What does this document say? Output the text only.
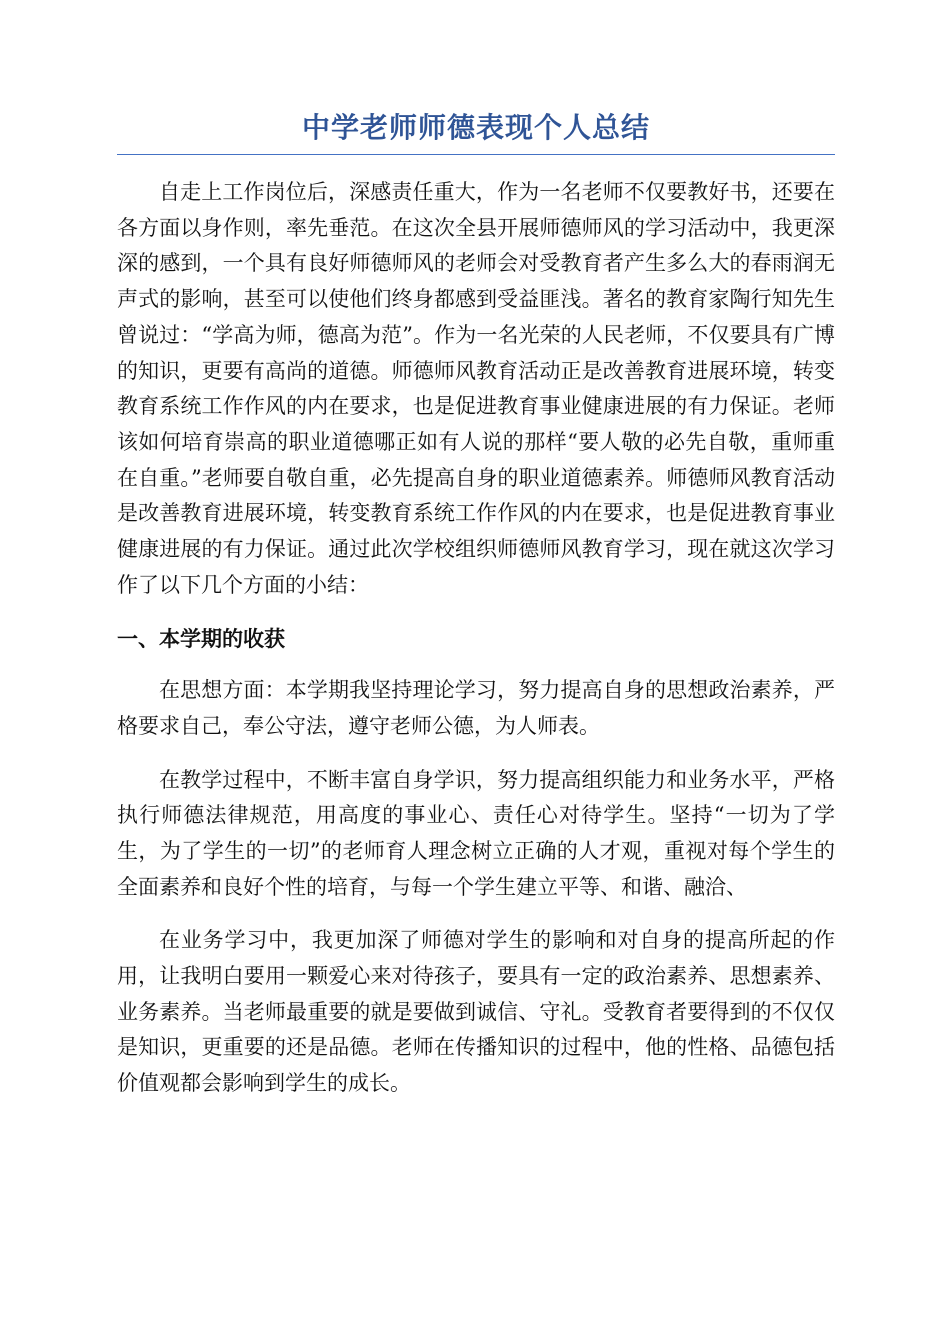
中学老师师德表现个人总结

自走上工作岗位后，深感责任重大，作为一名老师不仅要教好书，还要在各方面以身作则，率先垂范。在这次全县开展师德师风的学习活动中，我更深深的感到，一个具有良好师德师风的老师会对受教育者产生多么大的春雨润无声式的影响，甚至可以使他们终身都感到受益匪浅。著名的教育家陶行知先生曾说过：“学高为师，德高为范”。作为一名光荣的人民老师，不仅要具有广博的知识，更要有高尚的道德。师德师风教育活动正是改善教育进展环境，转变教育系统工作作风的内在要求，也是促进教育事业健康进展的有力保证。老师该如何培育崇高的职业道德哪正如有人说的那样“要人敬的必先自敬，重师重在自重。”老师要自敬自重，必先提高自身的职业道德素养。师德师风教育活动是改善教育进展环境，转变教育系统工作作风的内在要求，也是促进教育事业健康进展的有力保证。通过此次学校组织师德师风教育学习，现在就这次学习作了以下几个方面的小结：

一、本学期的收获

在思想方面：本学期我坚持理论学习，努力提高自身的思想政治素养，严格要求自己，奉公守法，遵守老师公德，为人师表。

在教学过程中，不断丰富自身学识，努力提高组织能力和业务水平，严格执行师德法律规范，用高度的事业心、责任心对待学生。坚持“一切为了学生，为了学生的一切”的老师育人理念树立正确的人才观，重视对每个学生的全面素养和良好个性的培育，与每一个学生建立平等、和谐、融洽、

在业务学习中，我更加深了师德对学生的影响和对自身的提高所起的作用，让我明白要用一颗爱心来对待孩子，要具有一定的政治素养、思想素养、业务素养。当老师最重要的就是要做到诚信、守礼。受教育者要得到的不仅仅是知识，更重要的还是品德。老师在传播知识的过程中，他的性格、品德包括价值观都会影响到学生的成长。
